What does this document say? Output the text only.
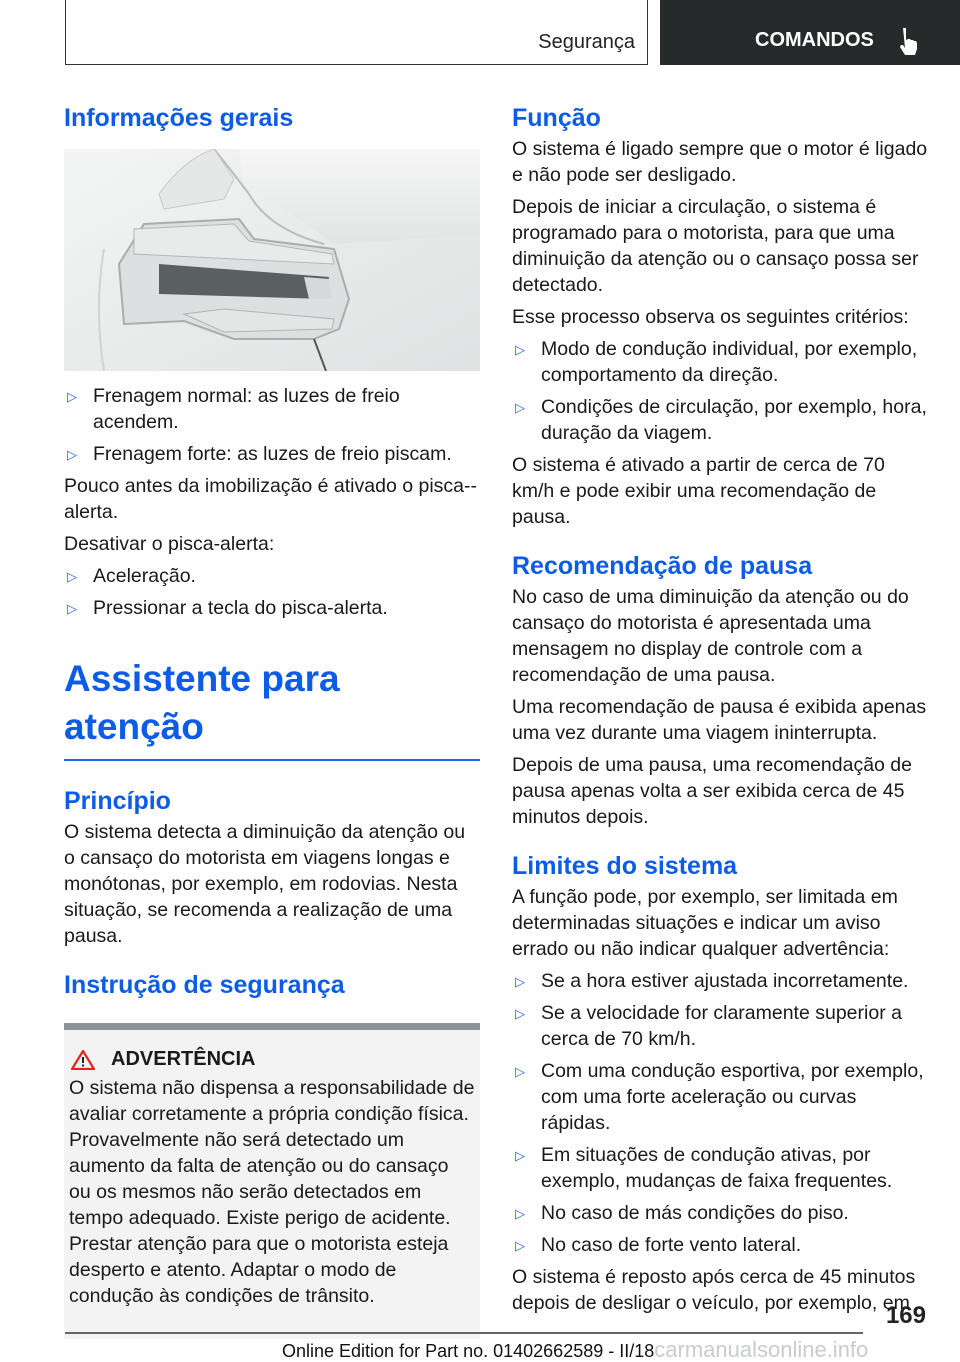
Segurança	COMANDOS
Informações gerais
▷ Frenagem normal: as luzes de freio acendem.
▷ Frenagem forte: as luzes de freio piscam.

Pouco antes da imobilização é ativado o pisca--alerta.

Desativar o pisca-alerta:

▷ Aceleração.
▷ Pressionar a tecla do pisca-alerta.
Assistente para atenção
Princípio

O sistema detecta a diminuição da atenção ou o cansaço do motorista em viagens longas e monótonas, por exemplo, em rodovias. Nesta situação, se recomenda a realização de uma pausa.

Instrução de segurança
ADVERTÊNCIA

O sistema não dispensa a responsabilidade de avaliar corretamente a própria condição física. Provavelmente não será detectado um aumento da falta de atenção ou do cansaço ou os mesmos não serão detectados em tempo adequado. Existe perigo de acidente. Prestar atenção para que o motorista esteja desperto e atento. Adaptar o modo de condução às condições de trânsito.

Função

O sistema é ligado sempre que o motor é ligado e não pode ser desligado.

Depois de iniciar a circulação, o sistema é programado para o motorista, para que uma diminuição da atenção ou o cansaço possa ser detectado.

Esse processo observa os seguintes critérios:

▷ Modo de condução individual, por exemplo, comportamento da direção.
▷ Condições de circulação, por exemplo, hora, duração da viagem.

O sistema é ativado a partir de cerca de 70 km/h e pode exibir uma recomendação de pausa.

Recomendação de pausa

No caso de uma diminuição da atenção ou do cansaço do motorista é apresentada uma mensagem no display de controle com a recomendação de uma pausa.

Uma recomendação de pausa é exibida apenas uma vez durante uma viagem ininterrupta.

Depois de uma pausa, uma recomendação de pausa apenas volta a ser exibida cerca de 45 minutos depois.

Limites do sistema

A função pode, por exemplo, ser limitada em determinadas situações e indicar um aviso errado ou não indicar qualquer advertência:

▷ Se a hora estiver ajustada incorretamente.
▷ Se a velocidade for claramente superior a cerca de 70 km/h.
▷ Com uma condução esportiva, por exemplo, com uma forte aceleração ou curvas rápidas.
▷ Em situações de condução ativas, por exemplo, mudanças de faixa frequentes.
▷ No caso de más condições do piso.
▷ No caso de forte vento lateral.

O sistema é reposto após cerca de 45 minutos depois de desligar o veículo, por exemplo, em

169
Online Edition for Part no. 01402662589 - II/18carmanualsonline.info
